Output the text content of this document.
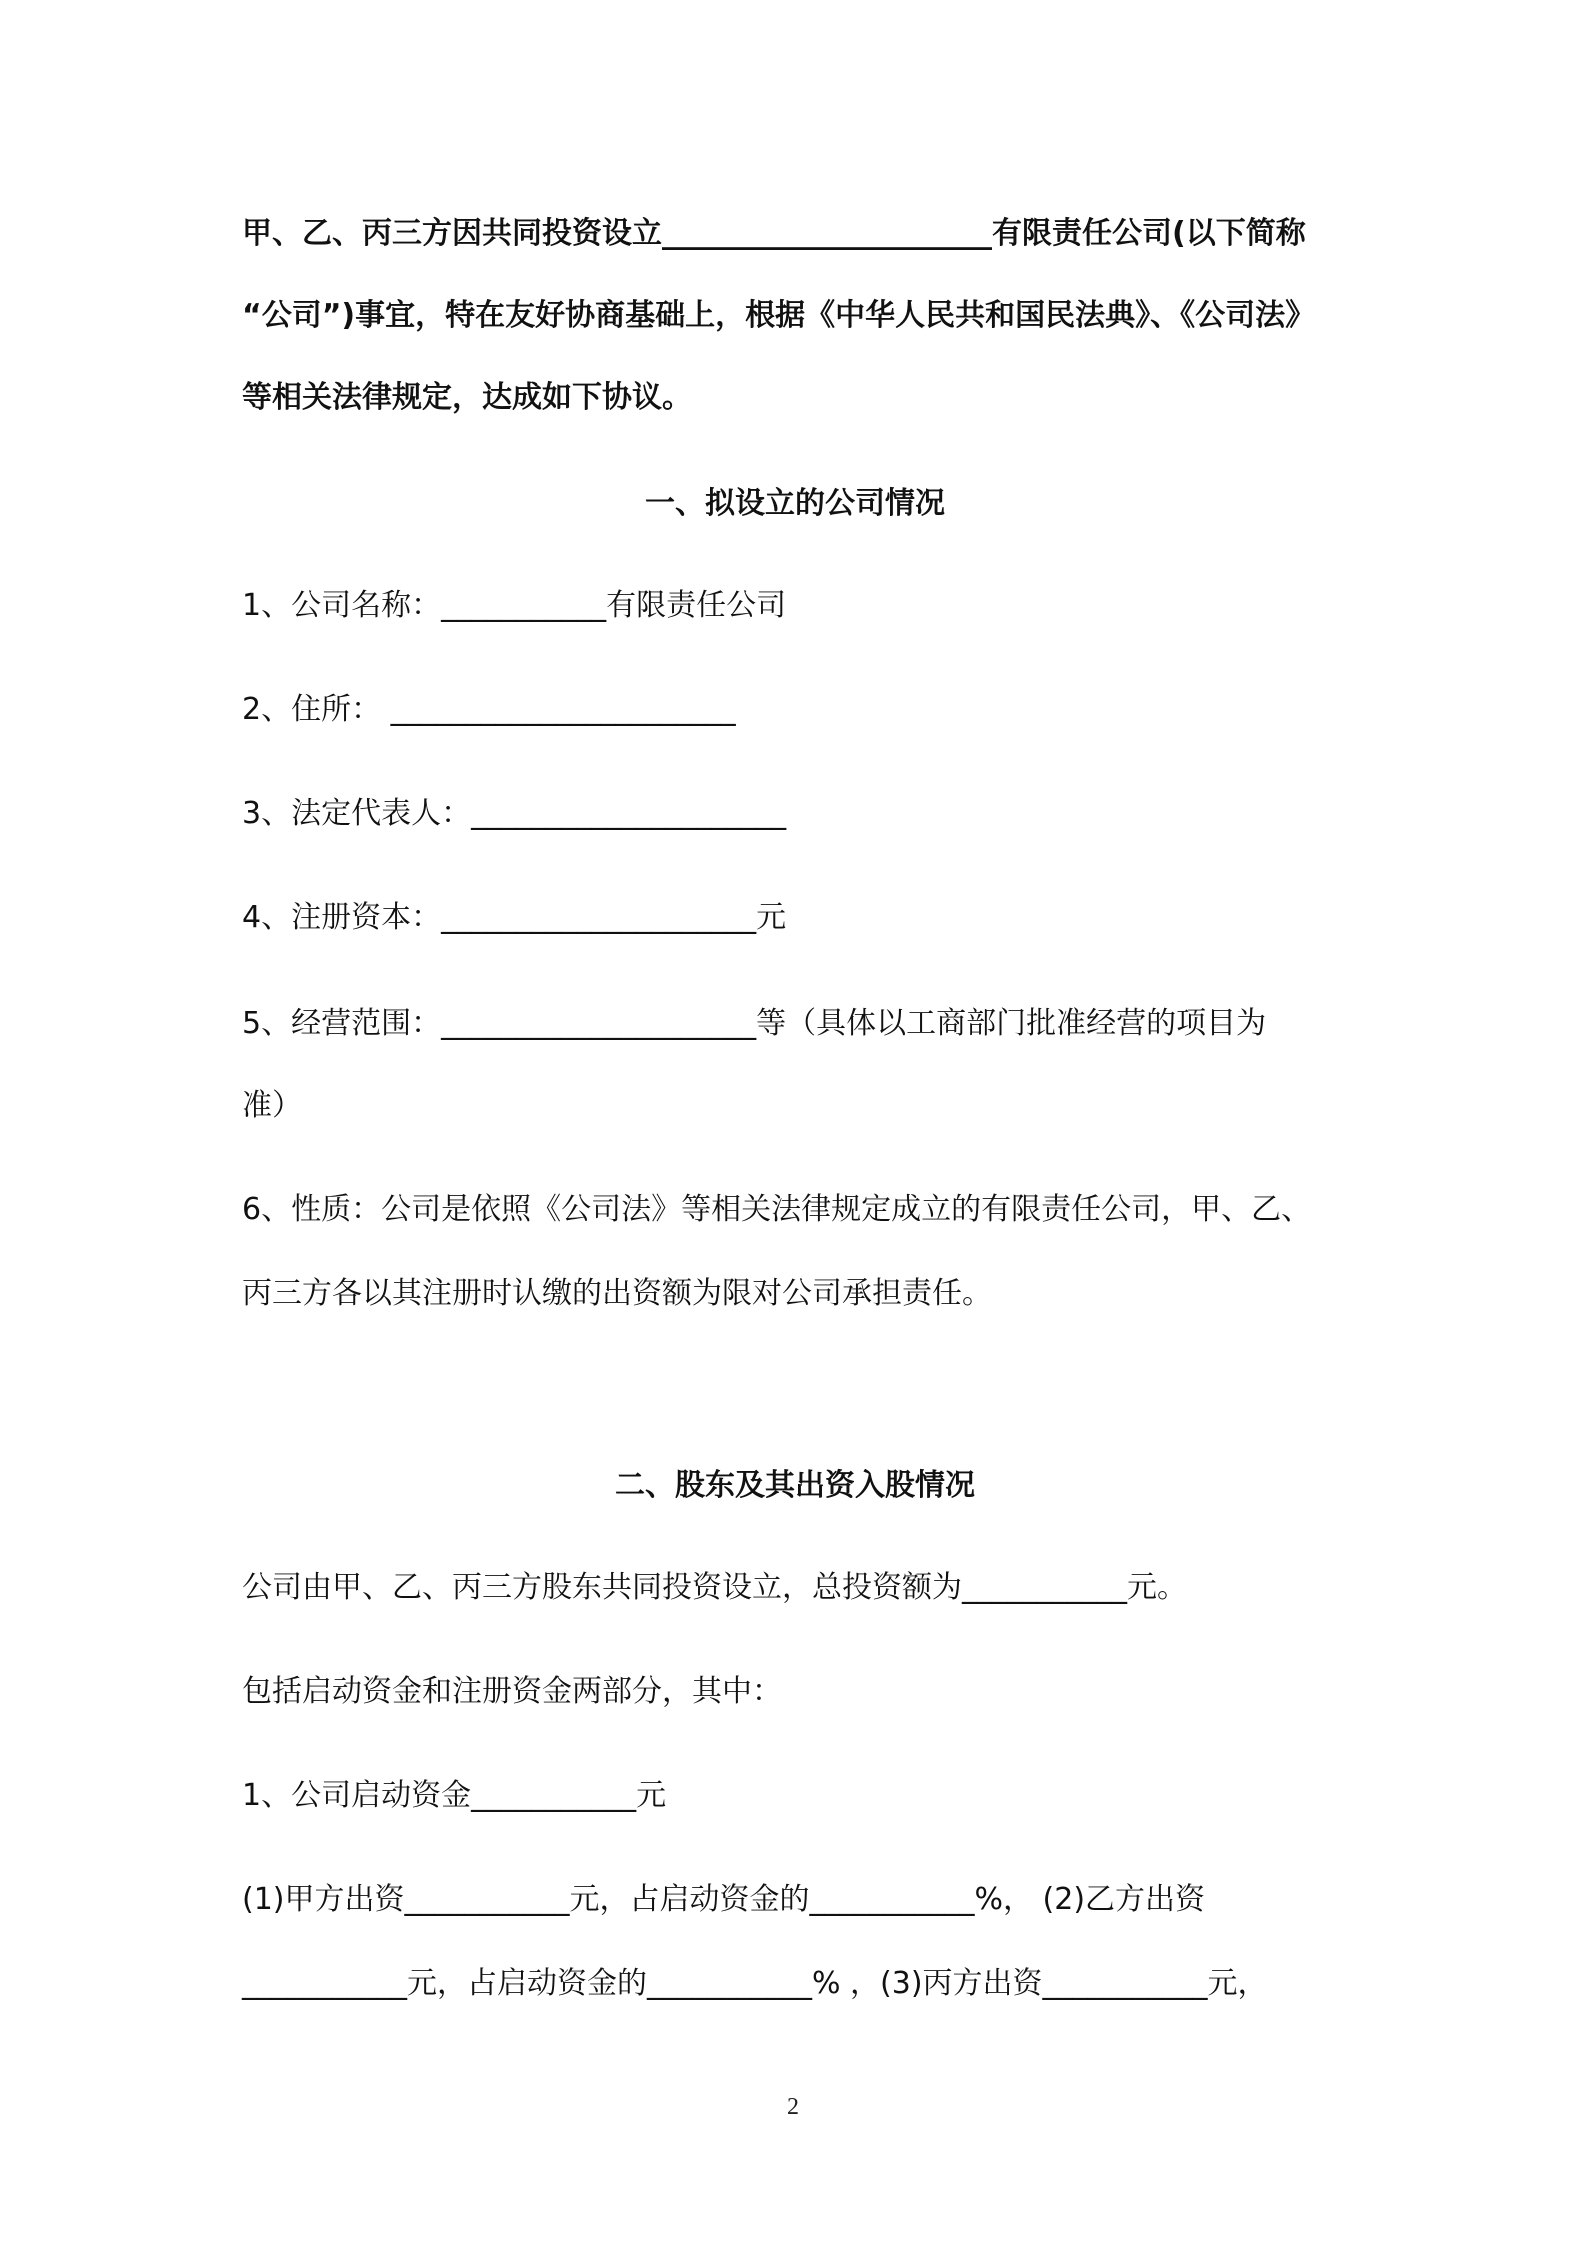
甲、乙、丙三方因共同投资设立______________________有限责任公司(以下简称
“公司”)事宜，特在友好协商基础上，根据《中华人民共和国民法典》、《公司法》
等相关法律规定，达成如下协议。
一、拟设立的公司情况
1、公司名称：___________有限责任公司
2、住所： _______________________
3、法定代表人：_____________________
4、注册资本：_____________________元
5、经营范围：_____________________等（具体以工商部门批准经营的项目为
准）
6、性质：公司是依照《公司法》等相关法律规定成立的有限责任公司，甲、乙、
丙三方各以其注册时认缴的出资额为限对公司承担责任。
二、股东及其出资入股情况
公司由甲、乙、丙三方股东共同投资设立，总投资额为___________元。
包括启动资金和注册资金两部分，其中：
1、公司启动资金___________元
(1)甲方出资___________元，占启动资金的___________%， (2)乙方出资
___________元，占启动资金的___________% ，(3)丙方出资___________元，
2
